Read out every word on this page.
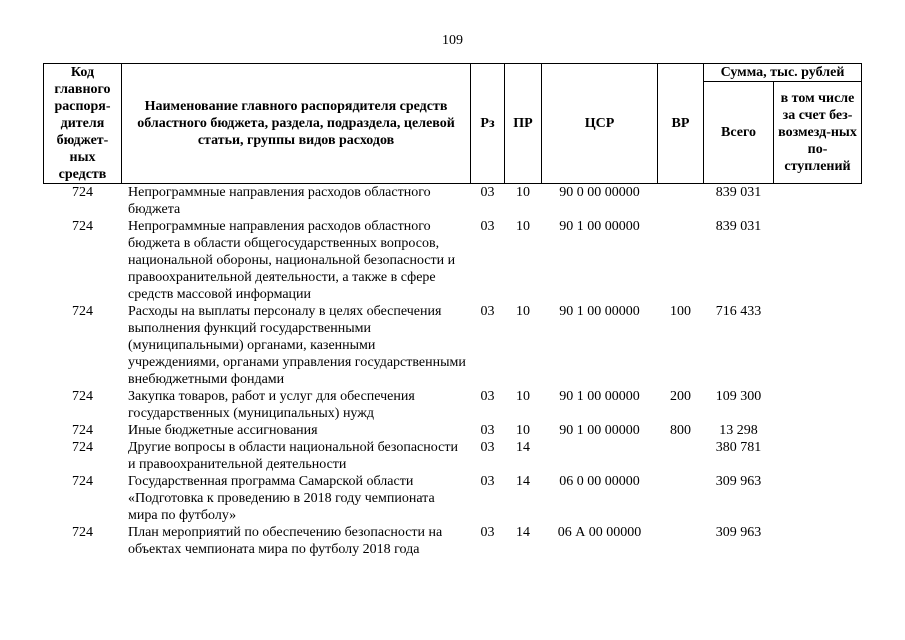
109
Код главного распоря-дителя бюджет-ных средств	Наименование главного распорядителя средств областного бюджета, раздела, подраздела, целевой статьи, группы видов расходов	Рз	ПР	ЦСР	ВР	Сумма, тыс. рублей	
						Всего	в том числе за счет без-возмезд-ных по-ступлений
724	Непрограммные направления расходов областного бюджета	03	10	90 0 00 00000		839 031	
724	Непрограммные направления расходов областного бюджета в области общегосударственных вопросов, национальной обороны, национальной безопасности и правоохранительной деятельности, а также в сфере средств массовой информации	03	10	90 1 00 00000		839 031	
724	Расходы на выплаты персоналу в целях обеспечения выполнения функций государственными (муниципальными) органами, казенными учреждениями, органами управления государственными внебюджетными фондами	03	10	90 1 00 00000	100	716 433	
724	Закупка товаров, работ и услуг для обеспечения государственных (муниципальных) нужд	03	10	90 1 00 00000	200	109 300	
724	Иные бюджетные ассигнования	03	10	90 1 00 00000	800	13 298	
724	Другие вопросы в области национальной безопасности и правоохранительной деятельности	03	14			380 781	
724	Государственная программа Самарской области «Подготовка к проведению в 2018 году чемпионата мира по футболу»	03	14	06 0 00 00000		309 963	
724	План мероприятий по обеспечению безопасности на объектах чемпионата мира по футболу 2018 года	03	14	06 А 00 00000		309 963	
